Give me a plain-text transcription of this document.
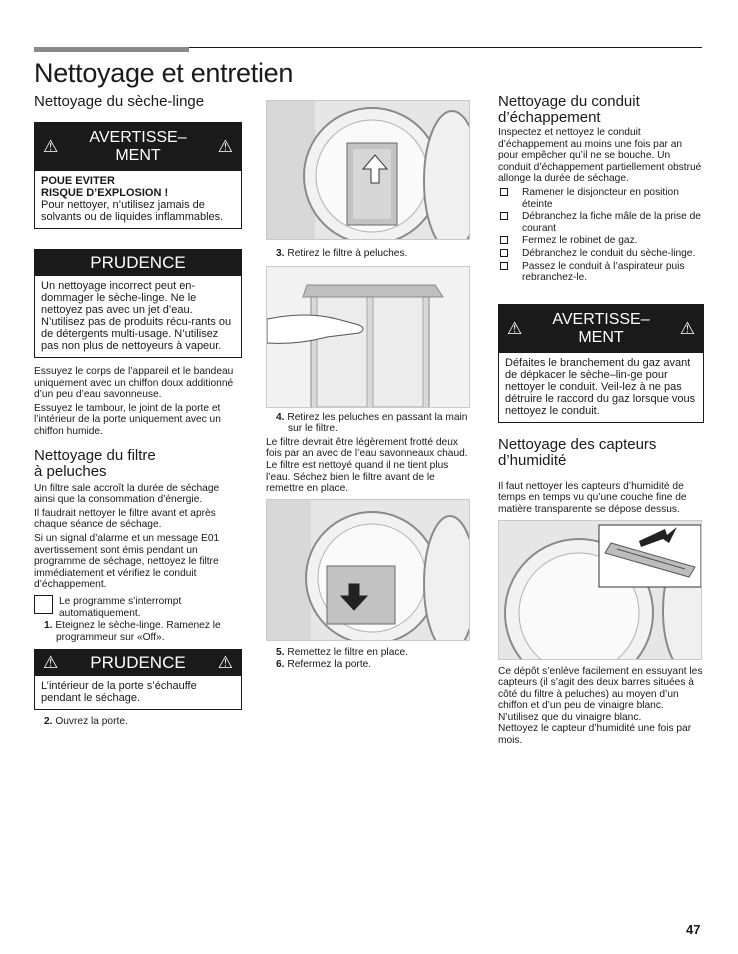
Nettoyage et entretien
Nettoyage du sèche-linge
⚠	AVERTISSE–
MENT	⚠
POUE EVITER
RISQUE D’EXPLOSION !
Pour nettoyer, n’utilisez jamais de solvants ou de liquides inflammables.
PRUDENCE
Un nettoyage incorrect peut en-dommager le sèche-linge. Ne le nettoyez pas avec un jet d’eau. N’utilisez pas de produits récu-rants ou de détergents multi-usage. N’utilisez pas non plus de nettoyeurs à vapeur.

Essuyez le corps de l’appareil et le bandeau uniquement avec un chiffon doux additionné d’un peu d’eau savonneuse.

Essuyez le tambour, le joint de la porte et l’intérieur de la porte uniquement avec un chiffon humide.

Nettoyage du filtre
à peluches

Un filtre sale accroît la durée de séchage ainsi que la consommation d’énergie.

Il faudrait nettoyer le filtre avant et après chaque séance de séchage.

Si un signal d’alarme et un message E01 avertissement sont émis pendant un programme de séchage, nettoyez le filtre immédiatement et vérifiez le conduit d’échappement.

Le programme s’interrompt automatiquement.
1. Eteignez le sèche-linge. Ramenez le programmeur sur «Off».
⚠	PRUDENCE	⚠
L’intérieur de la porte s’échauffe pendant le séchage.
2. Ouvrez la porte.
3. Retirez le filtre à peluches.
4. Retirez les peluches en passant la main sur le filtre.

Le filtre devrait être légèrement frotté deux fois par an avec de l’eau savonneaux chaud. Le filtre est nettoyé quand il ne tient plus l’eau. Séchez bien le filtre avant de le remettre en place.

5. Remettez le filtre en place.
6. Refermez la porte.
Nettoyage du conduit
d’échappement

Inspectez et nettoyez le conduit d’échappement au moins une fois par an pour empêcher qu’il ne se bouche. Un conduit d’échappement partiellement obstrué allonge la durée de séchage.

Ramener le disjoncteur en position éteinte
Débranchez la fiche mâle de la prise de courant
Fermez le robinet de gaz.
Débranchez le conduit du sèche-linge.
Passez le conduit à l’aspirateur puis rebranchez-le.
⚠	AVERTISSE–
MENT	⚠
Défaites le branchement du gaz avant de dépkacer le sèche–lin-ge pour nettoyer le conduit. Veil-lez à ne pas détruire le raccord du gaz lorsque vous nettoyez le conduit.
Nettoyage des capteurs
d’humidité

Il faut nettoyer les capteurs d’humidité de temps en temps vu qu’une couche fine de matière transparente se dépose dessus.

Ce dépôt s’enlève facilement en essuyant les capteurs (il s’agit des deux barres situées à côté du filtre à peluches) au moyen d’un chiffon et d’un peu de vinaigre blanc.

N’utilisez que du vinaigre blanc.

Nettoyez le capteur d’humidité une fois par mois.

47
